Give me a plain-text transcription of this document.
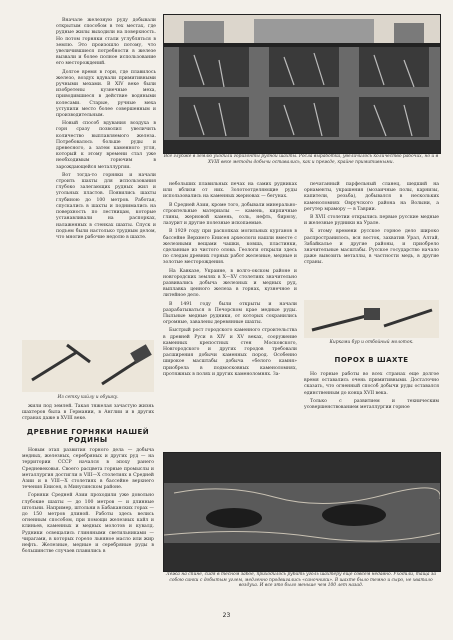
Все глубже в землю уходили горизонты рудной шахты. Росла выработка, увеличилось количество рабочих, но и в XVIII веке методы добычи оставались, как и прежде, крайне примитивными.

Вначале железную руду добывали открытым способом в тех местах, где рудные жилы выходили на поверхность. Но потом горняки стали углубляться в землю. Это произошло потому, что увеличившиеся потребности в железе вызвали и более полное использование его месторождений.

Долгое время в горн, где плавилось железо, воздух вдували примитивными ручными мехами. В XIV веке были изобретены кузнечные меха, приводившиеся в действие водяными колесами. Старые, ручные меха уступили место более совершенным и производительным.

Новый способ вдувания воздуха в горн сразу позволил увеличить количество выплавляемого железа. Потребовалось больше руды и древесного, а затем каменного угля, который к этому времени стал уже необходимым горючим в зарождающейся металлургии.

Вот тогда-то горняки и начали строить шахты для использования глубоко залегающих рудных жил и угольных пластов. Появились шахты глубиною до 100 метров. Работая, спускались в шахты и поднимались на поверхность по лестницам, которые устанавливали на распорках, налаженных в стенках шахты. Спуск и подъем были настолько трудным делом, что многие рабочие недолю в шахте.

Из сетку кайлу и обушку.

жили под землей. Такая тяжелая зачастую жизнь шахтеров была в Германии, в Англии и в других странах даже в XVIII веке.

ДРЕВНИЕ ГОРНЯКИ НАШЕЙ РОДИНЫ

Новым этап развития горного дела — добыча медных, железных, серебряных и других руд — на территории СССР начался в эпоху ранего Средневековья. Своего расцвета горные промыслы и металлургия достигли в VIII—Х столетиях в Средней Азии и в VIII—X столетиях в бассейне верхнего течения Енисея, в Минусинском районе.

Горняки Средней Азии проходили уже довольно глубокие шахты — до 100 метров — и длинные штольни. Например, штольни в Бабаканских горах — до 150 метров длиной. Работы здесь велись огненным способом, при помощи железных кайл и клиньев, каменных и медных молотов и кувалд. Рудники освещались глиняными светильниками — чирагами, в которых горело льняное масло или жир нефть. Железные, медные и серебряные руды в большинстве случаев плавились в

небольших плавильных печах на самих рудниках или вблизи от них. Золотоотделяющие руды использовались на каменных жерновах — бегунах.

В Средней Азии, кроме того, добывали минерально-строительные материалы — камень, кирпичные глины, жерновой камень, соль, нефть, бирюзу, лазурит и другие полезные ископаемые.

В 1929 году при раскопках могильных курганов в бассейне Верхнего Енисея археологи нашли вместе с железными вещами чашки, ковша, пластинки, сделанные из чистого олова. Геологи открыли здесь по следам древних горных работ железные, медные и золотые месторождения.

На Кавказе, Украине, в волго-окском районе и новгородских землях в X—XV столетиях значительно развивались добыча железных и медных руд, выплавка ценного железа в горнах, кузнечное и литейное дело.

В 1491 году были открыты и начали разрабатываться в Печорском крае медные руды. Пыльные медные рудники, от которых сохранились огромные, завалены деревянные шахты.

Быстрый рост городского каменного строительства в древней Руси в XIV и XV веках, сооружение каменных крепостных стен Московского, Новгородского и других городов требовали расширения добычи каменных пород. Особенно широкое масштабы добыча «белого камня» приобрела в подмосковных каменоломнях, протяжных в полях и других каменоломнях. За-

печатанный парфельный сланец, шедший на орнаменты, украшения (мозаичные полы, карнизы, капители, резьба), добывался в нескольких каменоломнях Овручского района на Волыни, а регутер мрамору — в Таврии.

В XVII столетии открылись первые русские медные и железные рудники на Урале.

К этому времени русское горное дело широко распространилось, вся восток, захватив Урал, Алтай, Забайкалье и другие районы, и приобрело значительные масштабы. Русское государство начало даже вывозить металлы, в частности медь, в другие страны.

Кирками бур и отбойный молоток.
ПОРОХ В ШАХТЕ

Но горные работы во всех странах еще долгое время оставались очень примитивными. Достаточно сказать, что огненный способ добычи руды оставался единственным до конца XVII века.

Только с развитием и техническим усовершенствованием металлургии горное

Лежа на спине, сидя в тесном забое, приходилось рубить уголь шахтеру еще совсем недавно. Уходили, таща за собою санки с добытым углем, медленно продвигались «саночники». В шахте было темно и сыро, не хватало воздуха. И все это было меньше чем 100 лет назад.
23
